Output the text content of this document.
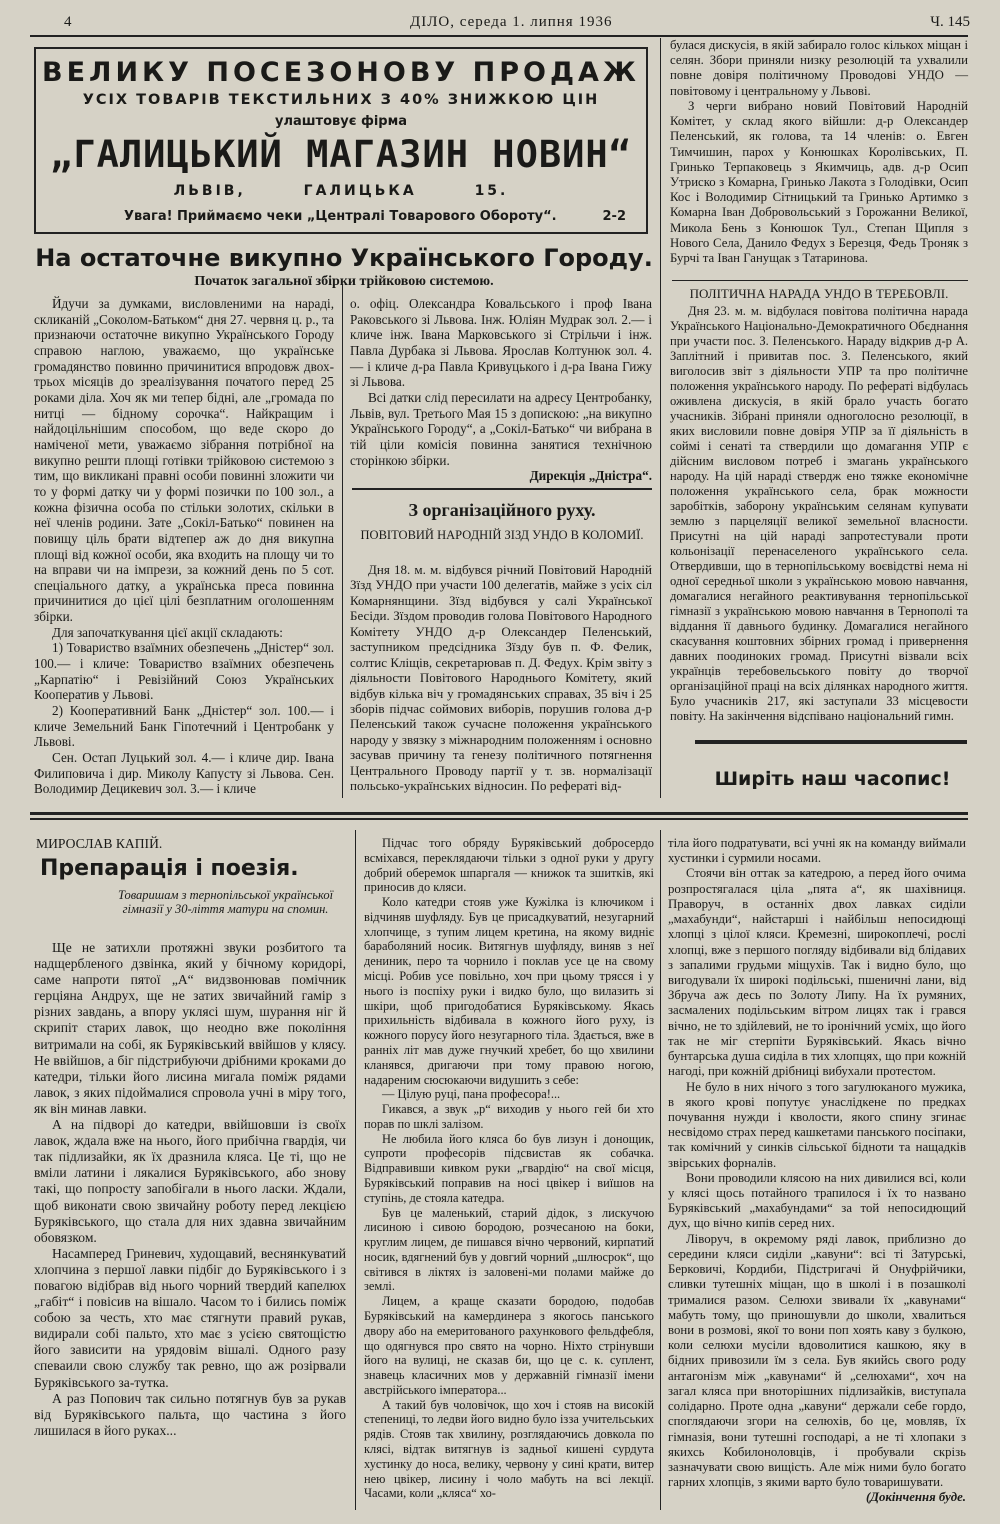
4	ДІЛО, середа 1. липня 1936	Ч. 145
ВЕЛИКУ ПОСЕЗОНОВУ ПРОДАЖ
УСІХ ТОВАРІВ ТЕКСТИЛЬНИХ З 40% ЗНИЖКОЮ ЦІН
улаштовує фірма
„ГАЛИЦЬКИЙ МАГАЗИН НОВИН“
ЛЬВІВ, ГАЛИЦЬКА 15.
Увага! Приймаємо чеки „Централі Товарового Обороту“.	2-2
На остаточне викупно Українського Городу.
Початок загальної збірки трійковою системою.

Йдучи за думками, висловленими на нараді, скликаній „Соколом-Батьком“ дня 27. червня ц. р., та признаючи остаточне викупно Українського Городу справою наглою, уважаємо, що українське громадянство повинно причинитися впродовж двох-трьох місяців до зреалізування початого перед 25 роками діла. Хоч як ми тепер бідні, але „громада по нитці — бідному сорочка“. Найкращим і найдоцільнішим способом, що веде скоро до наміченої мети, уважаємо зібрання потрібної на викупно решти площі готівки трійковою системою з тим, що викликані правні особи повинні зложити чи то у формі датку чи у формі позички по 100 зол., а кожна фізична особа по стільки золотих, скільки в неї членів родини. Зате „Сокіл-Батько“ повинен на повищу ціль брати відтепер аж до дня викупна площі від кожної особи, яка входить на площу чи то на вправи чи на імпрези, за кожний день по 5 сот. спеціального датку, а українська преса повинна причинитися до цієї цілі безплатним оголошенням збірки.

Для започаткування цієї акції складають:

1) Товариство взаїмних обезпечень „Дністер“ зол. 100.— і кличе: Товариство взаїмних обезпечень „Карпатію“ і Ревізійний Союз Українських Кооператив у Львові.

2) Кооперативний Банк „Дністер“ зол. 100.— і кличе Земельний Банк Гіпотечний і Центробанк у Львові.

Сен. Остап Луцький зол. 4.— і кличе дир. Івана Филиповича і дир. Миколу Капусту зі Львова. Сен. Володимир Децикевич зол. 3.— і кличе

о. офіц. Олександра Ковальського і проф Івана Раковського зі Львова. Інж. Юліян Мудрак зол. 2.— і кличе інж. Івана Марковського зі Стрільчи і інж. Павла Дурбака зі Львова. Ярослав Колтунюк зол. 4.— і кличе д-ра Павла Кривуцького і д-ра Івана Гижу зі Львова.

Всі датки слід пересилати на адресу Центробанку, Львів, вул. Третього Мая 15 з допискою: „на викупно Українського Городу“, а „Сокіл-Батько“ чи вибрана в тій ціли комісія повинна занятися технічною сторінкою збірки.

Дирекція „Дністра“.

З організаційного руху.
ПОВІТОВИЙ НАРОДНІЙ ЗІЗД УНДО В КОЛОМИЇ.

Дня 18. м. м. відбувся річний Повітовий Народній Зїзд УНДО при участи 100 делегатів, майже з усіх сіл Комарнянщини. Зїзд відбувся у салі Української Бесіди. Зїздом проводив голова Повітового Народного Комітету УНДО д-р Олександер Пеленський, заступником предсідника Зїзду був п. Ф. Фелик, солтис Кліщів, секретарював п. Д. Федух. Крім звіту з діяльности Повітового Народнього Комітету, який відбув кілька віч у громадянських справах, 35 віч і 25 зборів підчас соймових виборів, порушив голова д-р Пеленський також сучасне положення українського народу у звязку з міжнародним положенням і основно засував причину та генезу політичного потягнення Центрального Проводу партії у т. зв. нормалізації польсько-українських відносин. По рефераті від-

булася дискусія, в якій забирало голос кількох міщан і селян. Збори приняли низку резолюцій та ухвалили повне довіря політичному Проводові УНДО — повітовому і центральному у Львові.

З черги вибрано новий Повітовий Народній Комітет, у склад якого війшли: д-р Олександер Пеленський, як голова, та 14 членів: о. Евген Тимчишин, парох у Конюшках Королівських, П. Гринько Терпаковець з Якимчиць, адв. д-р Осип Утриско з Комарна, Гринько Лакота з Голодівки, Осип Кос і Володимир Сітницький та Гринько Артимко з Комарна Іван Добровольський з Горожанни Великої, Микола Бень з Конюшок Тул., Степан Щипля з Нового Села, Данило Федух з Березця, Федь Троняк з Бурчі та Іван Ганущак з Татаринова.

ПОЛІТИЧНА НАРАДА УНДО В ТЕРЕБОВЛІ.

Дня 23. м. м. відбулася повітова політична нарада Українського Національно-Демократичного Обєднання при участи пос. З. Пеленського. Нараду відкрив д-р А. Заплітний і привитав пос. З. Пеленського, який виголосив звіт з діяльности УПР та про політичне положення українського народу. По рефераті відбулась оживлена дискусія, в якій брало участь богато учасників. Зібрані приняли одноголосно резолюції, в яких висловили повне довіря УПР за її діяльність в соймі і сенаті та ствердили що домагання УПР є дійсним висловом потреб і змагань українського народу. На цій нараді ствердж ено тяжке економічне положення українського села, брак можности заробітків, заборону українським селянам купувати землю з парцеляції великої земельної власности. Присутні на цій нараді запротестували проти кольонізації перенаселеного українського села. Отвердивши, що в тернопільському воєвідстві нема ні одної середньої школи з українською мовою навчання, домагалися негайного реактивування тернопільської гімназії з українською мовою навчання в Тернополі та віддання її давнього будинку. Домагалися негайного скасування коштовних збірних громад і привернення давних поодиноких громад. Присутні візвали всіх українців теребовельського повіту до творчої організаційної праці на всіх ділянках народного життя. Було учасників 217, які заступали 33 місцевости повіту. На закінчення відспівано національний гимн.

Ширіть наш часопис!
МИРОСЛАВ КАПІЙ.
Препарація і поезія.
Товаришам з тернопільської української гімназії у 30-ліття матури на спомин.

Ще не затихли протяжні звуки розбитого та надщербленого дзвінка, який у бічному коридорі, саме напроти пятої „А“ видзвонював помічник герціяна Андрух, ще не затих звичайний гамір з різних завдань, а впору уклясі шум, шурання ніг й скрипіт старих лавок, що неодно вже покоління витримали на собі, як Буряківський ввійшов у клясу. Не ввійшов, а біг підстрибуючи дрібними кроками до катедри, тільки його лисина мигала поміж рядами лавок, з яких підоймалися спровола учні в міру того, як він минав лавки.

А на підворі до катедри, ввійшовши із своїх лавок, ждала вже на нього, його прибічна гвардія, чи так підлизайки, як їх дразнила кляса. Це ті, що не вміли латини і лякалися Буряківського, або знову такі, що попросту запобігали в нього ласки. Ждали, щоб виконати свою звичайну роботу перед лекцією Буряківського, що стала для них здавна звичайним обовязком.

Насамперед Гриневич, худощавий, веснянкуватий хлопчина з першої лавки підбіг до Буряківського і з повагою відібрав від нього чорний твердий капелюх „габіт“ і повісив на вішало. Часом то і бились поміж собою за честь, хто має стягнути правий рукав, видирали собі пальто, хто має з усією святощістю його зависити на урядовім вішалі. Одного разу спеваили свою службу так ревно, що аж розірвали Буряківського за-тутка.

А раз Попович так сильно потягнув був за рукав від Буряківського пальта, що частина з його лишилася в його руках...

Підчас того обряду Буряківський добросердо всміхався, переклядаючи тільки з одної руки у другу добрий оберемок шпаргаля — книжок та зшитків, які приносив до кляси.

Коло катедри стояв уже Кужілка із ключиком і відчиняв шуфляду. Був це присадкуватий, незугарний хлопчище, з тупим лицем кретина, на якому видніє бараболяний носик. Витягнув шуфляду, виняв з неї дениник, перо та чорнило і поклав усе це на свому місці. Робив усе повільно, хоч при цьому трясся і у нього із поспіху руки і видко було, що вилазить зі шкіри, щоб пригодобатися Буряківському. Якась прихильність відбивала в кожного його руху, із кожного порусу його незугарного тіла. Здається, вже в ранніх літ мав дуже гнучкий хребет, бо що хвилини кланявся, дригаючи при тому правою ногою, надареним сюсюкаючи видушить з себе:

— Цілую руці, пана професора!...

Гикався, а звук „р“ виходив у нього гей би хто порав по шклі залізом.

Не любила його кляса бо був лизун і донощик, супроти професорів підсвистав як собачка. Відправивши кивком руки „гвардію“ на свої місця, Буряківський поправив на носі цвікер і виїшов на ступінь, де стояла катедра.

Був це маленький, старий дідок, з лискучою лисиною і сивою бородою, розчесаною на боки, круглим лицем, де пишався вічно червоний, кирпатий носик, вдягнений був у довгий чорний „шлюсрок“, що світився ​в ліктях із заловені-ми полами майже до землі.

Лицем, а краще сказати бородою, подобав Буряківський на камердинера з якогось панського двору або на емеритованого рахункового фельдфебля, що одягнувся про свято на чорно. Ніхто стрінувши його на вулиці, не сказав би, що це с. к. суплент, знавець класичних мов у державній гімназії імени австрійського імператора...

А такий був чоловічок, що хоч і стояв на високій степениці, то ледви його видно було ізза учительських рядів. Стояв так хвилину, розглядаючись довкола по клясі, відтак витягнув із задньої кишені сурдута хустинку до носа, велику, червону у сині крати, витер нею цвікер, лисину і чоло мабуть на всі лекції. Часами, коли „кляса“ хо-

тіла його подратувати, всі учні як на команду виймали хустинки і сурмили носами.

Стоячи він оттак за катедрою, а перед його очима розпростягалася ціла „пята а“, як шахівниця. Праворуч, в останніх двох лавках сиділи „махабунди“, найстарші і найбільш непосидющі хлопці з цілої кляси. Кремезні, широкоплечі, рослі хлопці, вже з першого погляду відбивали від блідавих з запалими грудьми міщухів. Так і видно було, що вигодували їх широкі подільські, пшеничні лани, від Збруча аж десь по Золоту Липу. На їх румяних, засмалених подільським вітром лицях так і грався вічно, не то здійлевий, не то іронічний усміх, що його так не міг стерпіти Буряківський. Якась вічно бунтарська душа сиділа в тих хлопцях, що при кожній нагоді, при кожній дрібниці вибухали протестом.

Не було в них нічого з того загулюканого мужика, в якого крові попутує унаслідкене по предках почування нужди і кволости, якого спину згинає несвідомо страх перед кашкетами панського посіпаки, так комічний у синків сільської бідноти та нащадків звірських форналів.

Вони проводили клясою на них дивилися всі, коли у клясі щось потайного трапилося і їх то названо Буряківський „махабундами“ за той непосидющий дух, що вічно кипів серед них.

Ліворуч, в окремому ряді лавок, приблизно до середини кляси сиділи „кавуни“: всі ті Затурські, Берковичі, Кордиби, Підстригачі й Онуфрійчики, сливки тутешніх міщан, що в школі і в позашколі трималися разом. Селюхи звивали їх „кавунами“ мабуть тому, що приношувли до школи, хвалиться вони в розмові, якої то вони поп хоять каву з булкою, коли селюхи мусіли вдоволитися кашкою, яку в бідних привозили їм з села. Був якийсь свого роду антагонізм між „кавунами“ й „селюхами“, хоч на загал кляса при вноторішних підлизайків, виступала солідарно. Проте одна „кавуни“ держали себе гордо, споглядаючи згори на селюхів, бо це, мовляв, їх гімназія, вони тутешні господарі, а не ті хлопаки з якихсь Кобилоноловців, і пробували скрізь зазначувати свою вищість. Але між ними було богато гарних хлопців, з якими варто було товаришувати.

(Докінчення буде.
